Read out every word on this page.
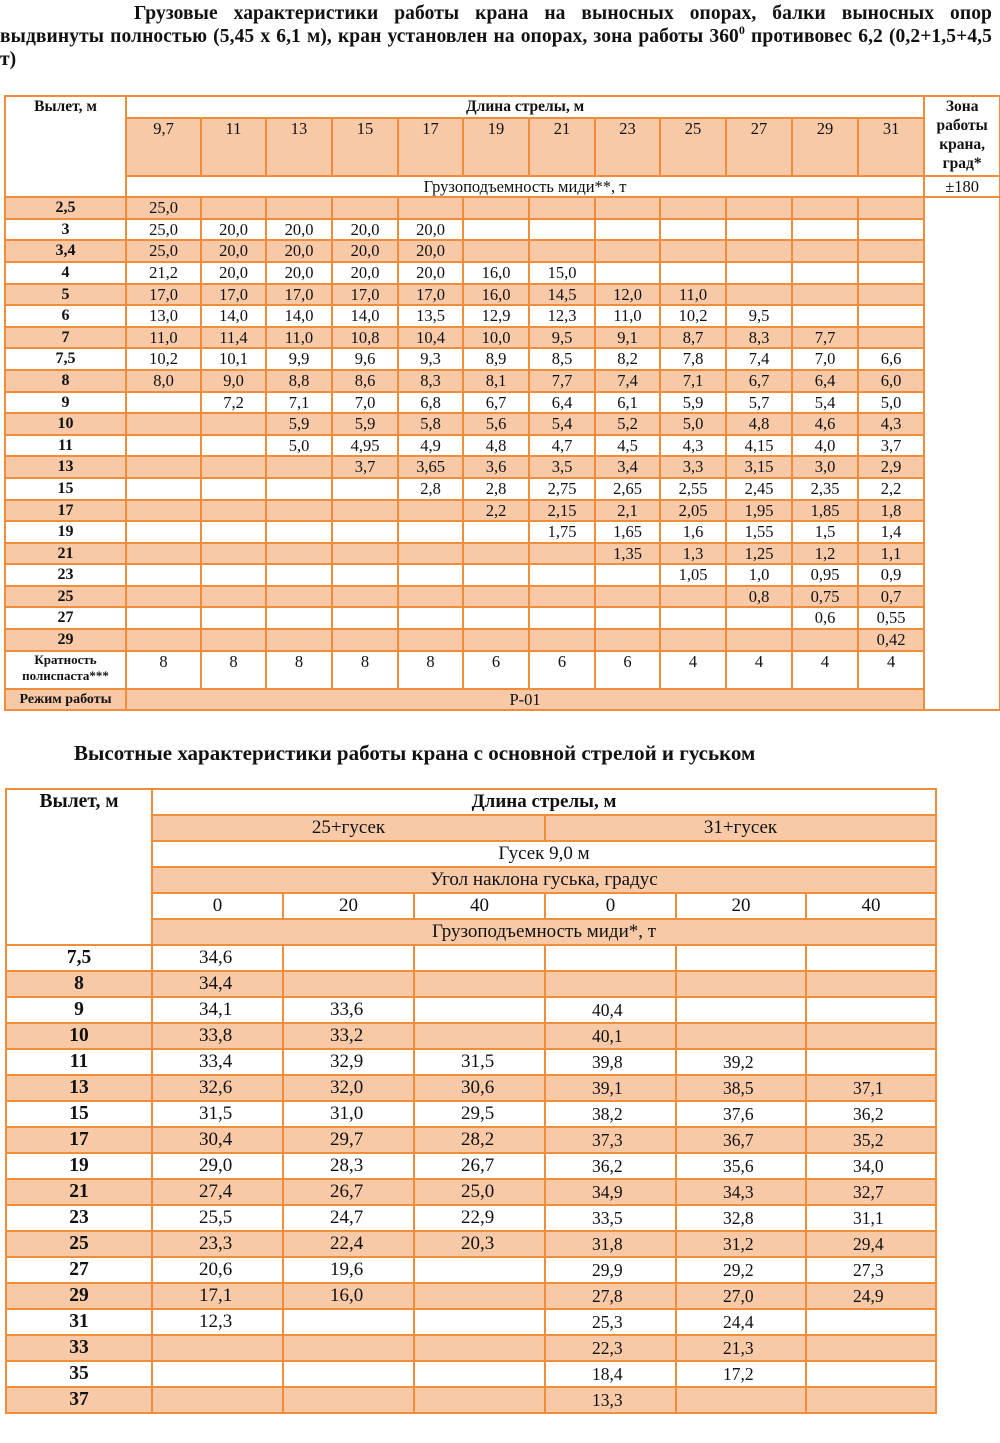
Грузовые характеристики работы крана на выносных опорах, балки выносных опор выдвинуты полностью (5,45 х 6,1 м), кран установлен на опорах, зона работы $360^0$ противовес 6,2 (0,2+1,5+4,5 т)
Вылет, м	Длина стрелы, м												Зона работы крана, град*
	9,7	11	13	15	17	19	21	23	25	27	29	31	
	Грузоподъемность миди**, т												±180
2,5	25,0												
3	25,0	20,0	20,0	20,0	20,0								
3,4	25,0	20,0	20,0	20,0	20,0								
4	21,2	20,0	20,0	20,0	20,0	16,0	15,0						
5	17,0	17,0	17,0	17,0	17,0	16,0	14,5	12,0	11,0				
6	13,0	14,0	14,0	14,0	13,5	12,9	12,3	11,0	10,2	9,5			
7	11,0	11,4	11,0	10,8	10,4	10,0	9,5	9,1	8,7	8,3	7,7		
7,5	10,2	10,1	9,9	9,6	9,3	8,9	8,5	8,2	7,8	7,4	7,0	6,6	
8	8,0	9,0	8,8	8,6	8,3	8,1	7,7	7,4	7,1	6,7	6,4	6,0	
9		7,2	7,1	7,0	6,8	6,7	6,4	6,1	5,9	5,7	5,4	5,0	
10			5,9	5,9	5,8	5,6	5,4	5,2	5,0	4,8	4,6	4,3	
11			5,0	4,95	4,9	4,8	4,7	4,5	4,3	4,15	4,0	3,7	
13				3,7	3,65	3,6	3,5	3,4	3,3	3,15	3,0	2,9	
15					2,8	2,8	2,75	2,65	2,55	2,45	2,35	2,2	
17						2,2	2,15	2,1	2,05	1,95	1,85	1,8	
19							1,75	1,65	1,6	1,55	1,5	1,4	
21								1,35	1,3	1,25	1,2	1,1	
23									1,05	1,0	0,95	0,9	
25										0,8	0,75	0,7	
27											0,6	0,55	
29												0,42	
Кратность полиспаста***	8	8	8	8	8	6	6	6	4	4	4	4	
Режим работы	Р-01												
Высотные характеристики работы крана с основной стрелой и гуськом
Вылет, м	Длина стрелы, м					
	25+гусек			31+гусек		
	Гусек 9,0 м					
	Угол наклона гуська, градус					
	0	20	40	0	20	40
	Грузоподъемность миди*, т					
7,5	34,6					
8	34,4					
9	34,1	33,6		40,4		
10	33,8	33,2		40,1		
11	33,4	32,9	31,5	39,8	39,2	
13	32,6	32,0	30,6	39,1	38,5	37,1
15	31,5	31,0	29,5	38,2	37,6	36,2
17	30,4	29,7	28,2	37,3	36,7	35,2
19	29,0	28,3	26,7	36,2	35,6	34,0
21	27,4	26,7	25,0	34,9	34,3	32,7
23	25,5	24,7	22,9	33,5	32,8	31,1
25	23,3	22,4	20,3	31,8	31,2	29,4
27	20,6	19,6		29,9	29,2	27,3
29	17,1	16,0		27,8	27,0	24,9
31	12,3			25,3	24,4	
33				22,3	21,3	
35				18,4	17,2	
37				13,3		
